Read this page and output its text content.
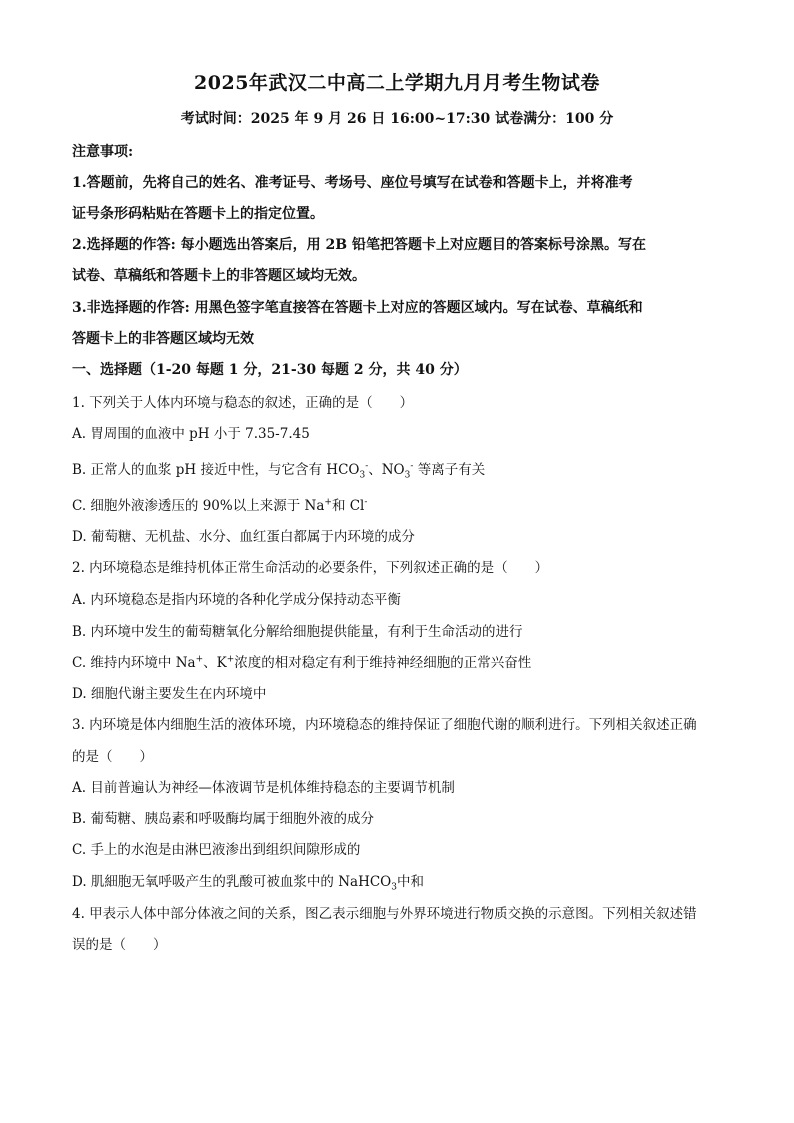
2025年武汉二中高二上学期九月月考生物试卷
考试时间：2025 年 9 月 26 日 16:00~17:30 试卷满分：100 分
注意事项:
1.答题前，先将自己的姓名、准考证号、考场号、座位号填写在试卷和答题卡上，并将准考
证号条形码粘贴在答题卡上的指定位置。
2.选择题的作答: 每小题选出答案后，用 2B 铅笔把答题卡上对应题目的答案标号涂黑。写在
试卷、草稿纸和答题卡上的非答题区域均无效。
3.非选择题的作答: 用黑色签字笔直接答在答题卡上对应的答题区域内。写在试卷、草稿纸和
答题卡上的非答题区域均无效
一、选择题（1-20 每题 1 分，21-30 每题 2 分，共 40 分）
1. 下列关于人体内环境与稳态的叙述，正确的是（　　）
A. 胃周围的血液中 pH 小于 7.35-7.45
B. 正常人的血浆 pH 接近中性，与它含有 $HCO_3^-$、$NO_3^-$ 等离子有关
C. 细胞外液渗透压的 90%以上来源于 Na+和 Cl-
D. 葡萄糖、无机盐、水分、血红蛋白都属于内环境的成分
2. 内环境稳态是维持机体正常生命活动的必要条件，下列叙述正确的是（　　）
A. 内环境稳态是指内环境的各种化学成分保持动态平衡
B. 内环境中发生的葡萄糖氧化分解给细胞提供能量，有利于生命活动的进行
C. 维持内环境中 Na+、K+浓度的相对稳定有利于维持神经细胞的正常兴奋性
D. 细胞代谢主要发生在内环境中
3. 内环境是体内细胞生活的液体环境，内环境稳态的维持保证了细胞代谢的顺利进行。下列相关叙述正确
的是（　　）
A. 目前普遍认为神经—体液调节是机体维持稳态的主要调节机制
B. 葡萄糖、胰岛素和呼吸酶均属于细胞外液的成分
C. 手上的水泡是由淋巴液渗出到组织间隙形成的
D. 肌細胞无氧呼吸产生的乳酸可被血浆中的 NaHCO$_3$中和
4. 甲表示人体中部分体液之间的关系，图乙表示细胞与外界环境进行物质交换的示意图。下列相关叙述错
误的是（　　）
